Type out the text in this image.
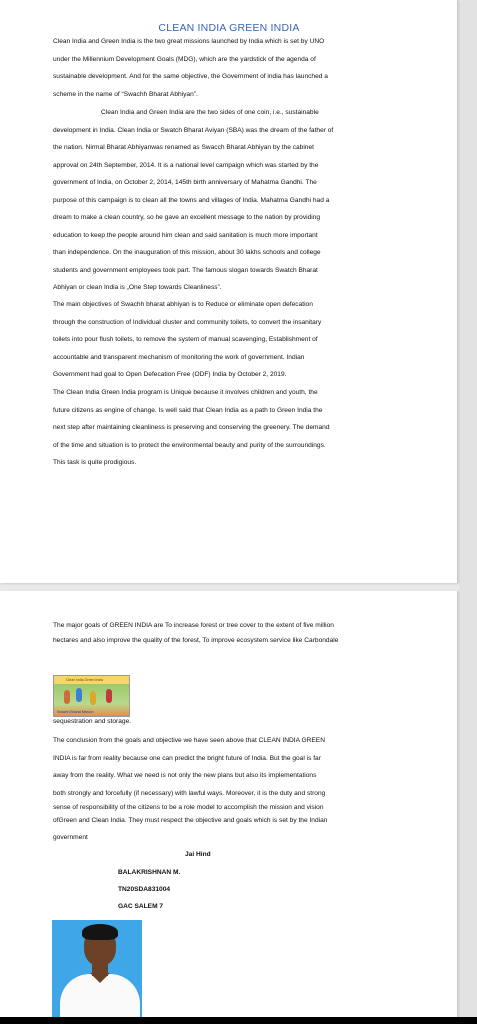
CLEAN INDIA GREEN INDIA
Clean India and Green India is the two great missions launched by India which is set by UNO
under the Millennium Development Goals (MDG), which are the yardstick of the agenda of
sustainable development. And for the same objective, the Government of india has launched a
scheme in the name of “Swachh Bharat Abhiyan”.
Clean India and Green India are the two sides of one coin, i.e., sustainable
development in India. Clean India or Swatch Bharat Aviyan (SBA) was the dream of the father of
the nation. Nirmal Bharat Abhiyanwas renamed as Swacch Bharat Abhiyan by the cabinet
approval on 24th September, 2014. It is a national level campaign which was started by the
government of India, on October 2, 2014, 145th birth anniversary of Mahatma Gandhi. The
purpose of this campaign is to clean all the towns and villages of India. Mahatma Gandhi had a
dream to make a clean country, so he gave an excellent message to the nation by providing
education to keep the people around him clean and said sanitation is much more important
than independence. On the inauguration of this mission, about 30 lakhs schools and college
students and government employees took part. The famous slogan towards Swatch Bharat
Abhiyan or clean India is „One Step towards Cleanliness”.
The main objectives of Swachh bharat abhiyan is to Reduce or eliminate open defecation
through the construction of Individual cluster and community toilets, to convert the insanitary
toilets into pour flush toilets, to remove the system of manual scavenging, Establishment of
accountable and transparent mechanism of monitoring the work of government. Indian
Government had goal to Open Defecation Free (ODF) India by October 2, 2019.
The Clean India Green India program is Unique because it involves children and youth, the
future citizens as engine of change. Is well said that Clean India as a path to Green India the
next step after maintaining cleanliness is preserving and conserving the greenery. The demand
of the time and situation is to protect the environmental beauty and purity of the surroundings.
This task is quite prodigious.
The major goals of GREEN INDIA are To increase forest or tree cover to the extent of five million
hectares and also improve the quality of the forest, To improve ecosystem service like Carbondale
sequestration and storage.
The conclusion from the goals and objective we have seen above that CLEAN INDIA GREEN
INDIA is far from reality because one can predict the bright future of India. But the goal is far
away from the reality. What we need is not only the new plans but also its implementations
both strongly and forcefully (if necessary) with lawful ways. Moreover, it is the duty and strong
sense of responsibility of the citizens to be a role model to accomplish the mission and vision
ofGreen and Clean India. They must respect the objective and goals which is set by the Indian
government
Clean India Green India
Swachh Bharat Mission
Jai Hind
BALAKRISHNAN M.
TN20SDA831004
GAC SALEM 7
